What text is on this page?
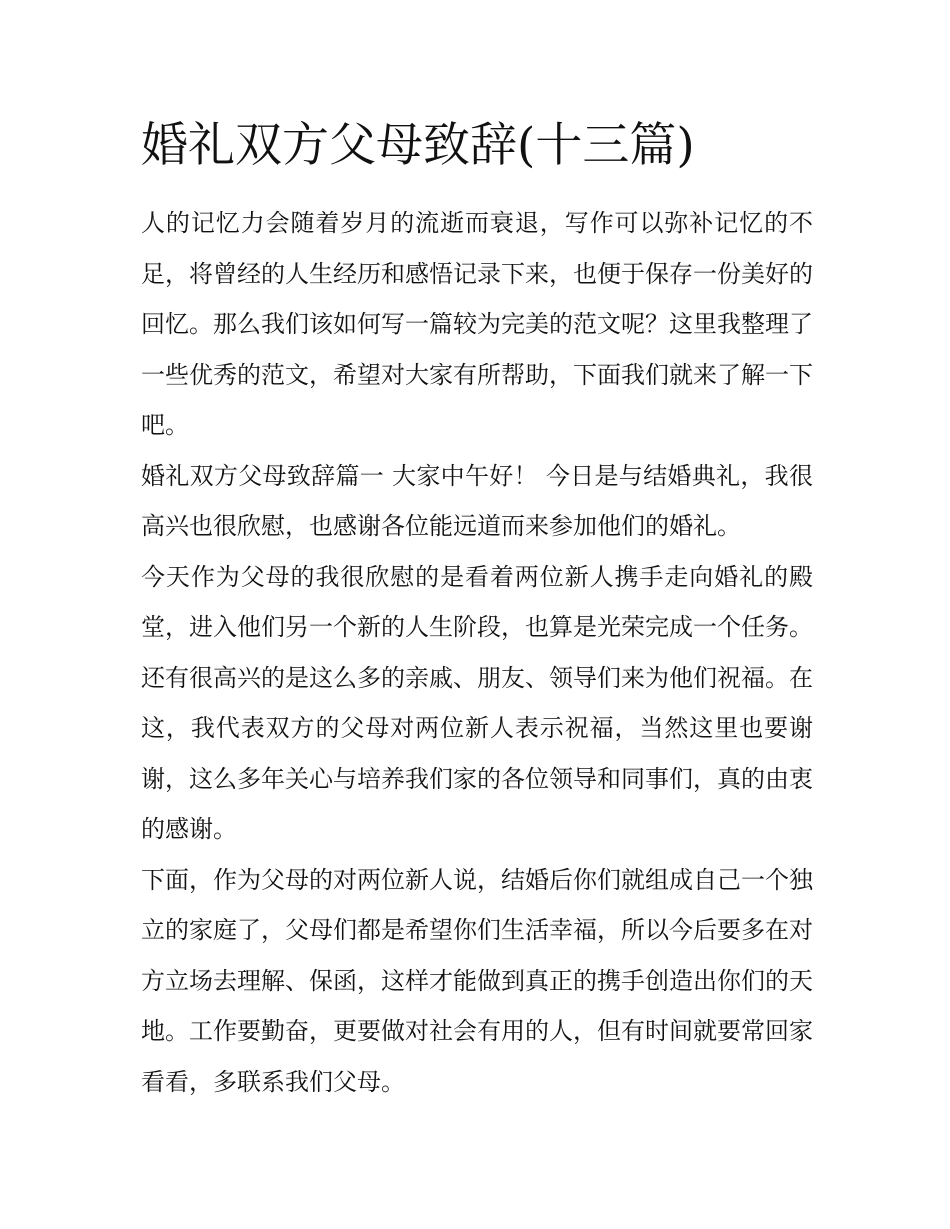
婚礼双方父母致辞(十三篇)

人的记忆力会随着岁月的流逝而衰退，写作可以弥补记忆的不足，将曾经的人生经历和感悟记录下来，也便于保存一份美好的回忆。那么我们该如何写一篇较为完美的范文呢？这里我整理了一些优秀的范文，希望对大家有所帮助，下面我们就来了解一下吧。

婚礼双方父母致辞篇一 大家中午好！ 今日是与结婚典礼，我很高兴也很欣慰，也感谢各位能远道而来参加他们的婚礼。

今天作为父母的我很欣慰的是看着两位新人携手走向婚礼的殿堂，进入他们另一个新的人生阶段，也算是光荣完成一个任务。还有很高兴的是这么多的亲戚、朋友、领导们来为他们祝福。在这，我代表双方的父母对两位新人表示祝福，当然这里也要谢谢，这么多年关心与培养我们家的各位领导和同事们，真的由衷的感谢。

下面，作为父母的对两位新人说，结婚后你们就组成自己一个独立的家庭了，父母们都是希望你们生活幸福，所以今后要多在对方立场去理解、保函，这样才能做到真正的携手创造出你们的天地。工作要勤奋，更要做对社会有用的人，但有时间就要常回家看看，多联系我们父母。
